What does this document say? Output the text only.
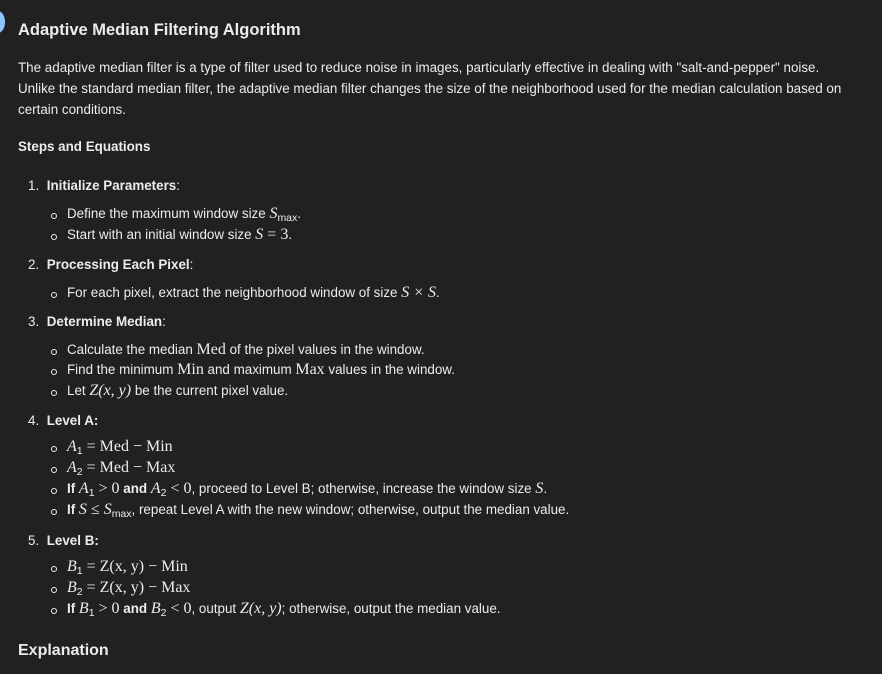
Adaptive Median Filtering Algorithm

The adaptive median filter is a type of filter used to reduce noise in images, particularly effective in dealing with "salt-and-pepper" noise. Unlike the standard median filter, the adaptive median filter changes the size of the neighborhood used for the median calculation based on certain conditions.

Steps and Equations
1. Initialize Parameters:
Define the maximum window size $S_{max}$.
Start with an initial window size S = 3.
2. Processing Each Pixel:
For each pixel, extract the neighborhood window of size S × S.
3. Determine Median:
Calculate the median Med of the pixel values in the window.
Find the minimum Min and maximum Max values in the window.
Let Z(x, y) be the current pixel value.
4. Level A:
$A_1$ = Med − Min
$A_2$ = Med − Max
If $A_1 > 0$ and $A_2 < 0$, proceed to Level B; otherwise, increase the window size S.
If $S \le S_{max}$, repeat Level A with the new window; otherwise, output the median value.
5. Level B:
$B_1 = Z(x$, y) − Min
$B_2 = Z(x$, y) − Max
If $B_1 > 0$ and $B_2 < 0$, output Z(x, y); otherwise, output the median value.
Explanation
